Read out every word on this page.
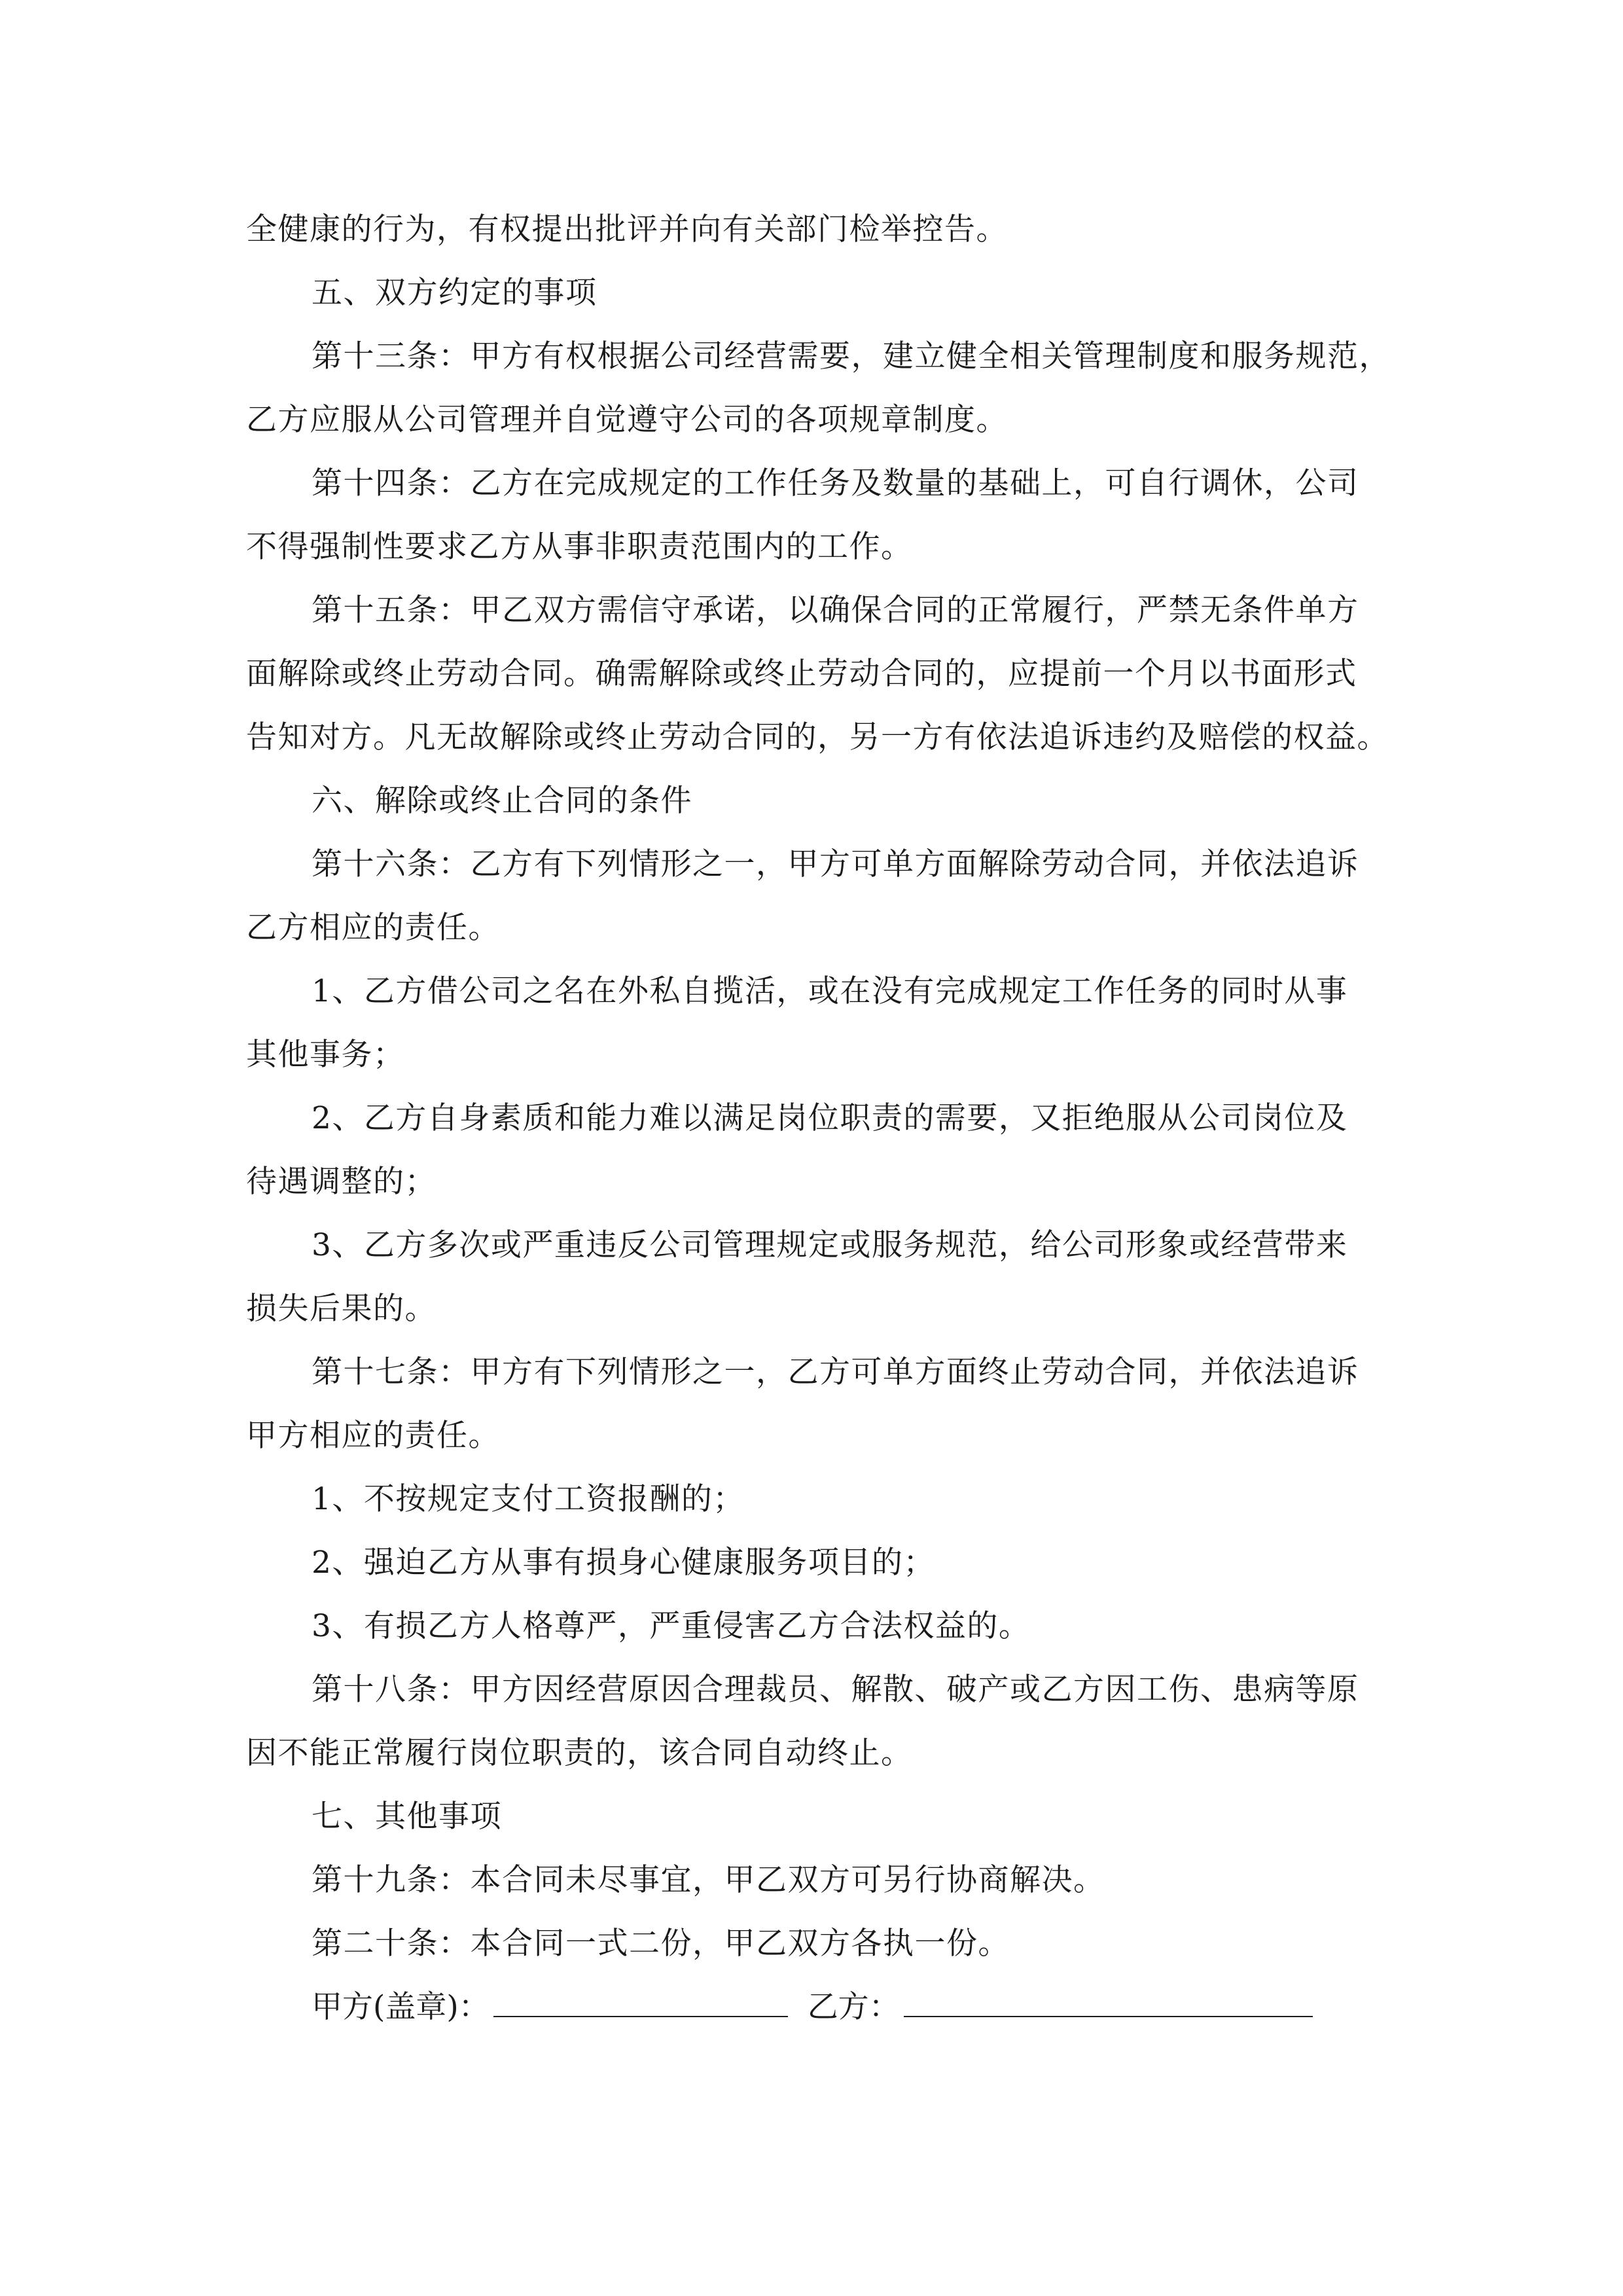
全健康的行为，有权提出批评并向有关部门检举控告。
五、双方约定的事项
第十三条：甲方有权根据公司经营需要，建立健全相关管理制度和服务规范，
乙方应服从公司管理并自觉遵守公司的各项规章制度。
第十四条：乙方在完成规定的工作任务及数量的基础上，可自行调休，公司
不得强制性要求乙方从事非职责范围内的工作。
第十五条：甲乙双方需信守承诺，以确保合同的正常履行，严禁无条件单方
面解除或终止劳动合同。确需解除或终止劳动合同的，应提前一个月以书面形式
告知对方。凡无故解除或终止劳动合同的，另一方有依法追诉违约及赔偿的权益。
六、解除或终止合同的条件
第十六条：乙方有下列情形之一，甲方可单方面解除劳动合同，并依法追诉
乙方相应的责任。
1、乙方借公司之名在外私自揽活，或在没有完成规定工作任务的同时从事
其他事务；
2、乙方自身素质和能力难以满足岗位职责的需要，又拒绝服从公司岗位及
待遇调整的；
3、乙方多次或严重违反公司管理规定或服务规范，给公司形象或经营带来
损失后果的。
第十七条：甲方有下列情形之一，乙方可单方面终止劳动合同，并依法追诉
甲方相应的责任。
1、不按规定支付工资报酬的；
2、强迫乙方从事有损身心健康服务项目的；
3、有损乙方人格尊严，严重侵害乙方合法权益的。
第十八条：甲方因经营原因合理裁员、解散、破产或乙方因工伤、患病等原
因不能正常履行岗位职责的，该合同自动终止。
七、其他事项
第十九条：本合同未尽事宜，甲乙双方可另行协商解决。
第二十条：本合同一式二份，甲乙双方各执一份。
甲方(盖章)：	乙方：
